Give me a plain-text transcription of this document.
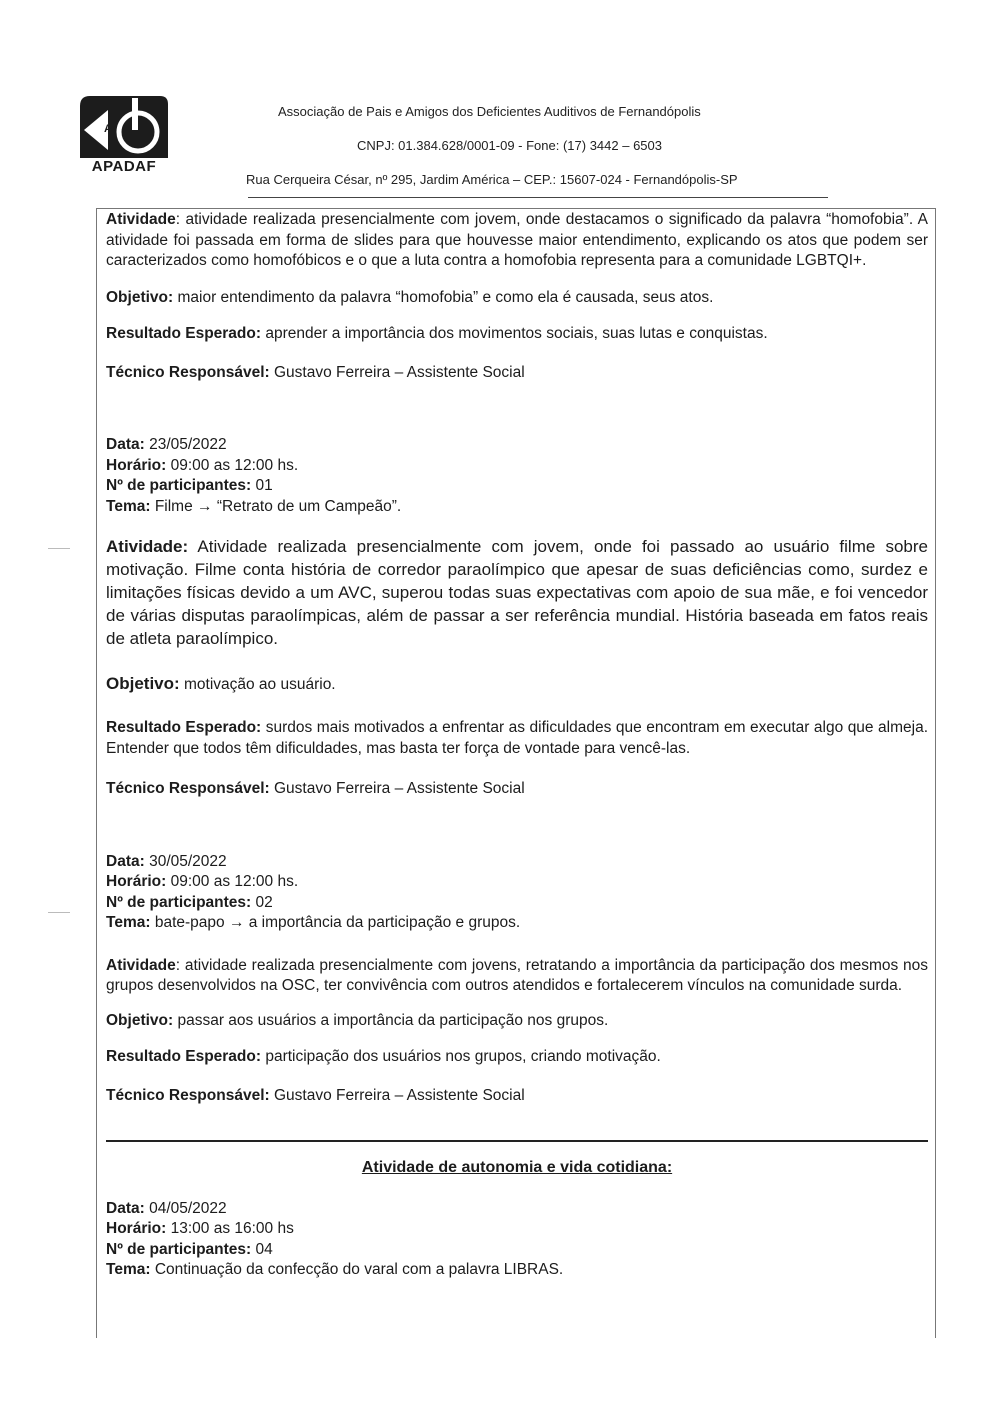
A
APADAF
Associação de Pais e Amigos dos Deficientes Auditivos de Fernandópolis
CNPJ: 01.384.628/0001-09 - Fone: (17) 3442 – 6503
Rua Cerqueira César, nº 295, Jardim América – CEP.: 15607-024 - Fernandópolis-SP

Atividade: atividade realizada presencialmente com jovem, onde destacamos o significado da palavra “homofobia”. A atividade foi passada em forma de slides para que houvesse maior entendimento, explicando os atos que podem ser caracterizados como homofóbicos e o que a luta contra a homofobia representa para a comunidade LGBTQI+.

Objetivo: maior entendimento da palavra “homofobia” e como ela é causada, seus atos.

Resultado Esperado: aprender a importância dos movimentos sociais, suas lutas e conquistas.

Técnico Responsável: Gustavo Ferreira – Assistente Social

Data: 23/05/2022

Horário: 09:00 as 12:00 hs.

Nº de participantes: 01

Tema: Filme → “Retrato de um Campeão”.

Atividade: Atividade realizada presencialmente com jovem, onde foi passado ao usuário filme sobre motivação. Filme conta história de corredor paraolímpico que apesar de suas deficiências como, surdez e limitações físicas devido a um AVC, superou todas suas expectativas com apoio de sua mãe, e foi vencedor de várias disputas paraolímpicas, além de passar a ser referência mundial. História baseada em fatos reais de atleta paraolímpico.

Objetivo: motivação ao usuário.

Resultado Esperado: surdos mais motivados a enfrentar as dificuldades que encontram em executar algo que almeja. Entender que todos têm dificuldades, mas basta ter força de vontade para vencê-las.

Técnico Responsável: Gustavo Ferreira – Assistente Social

Data: 30/05/2022

Horário: 09:00 as 12:00 hs.

Nº de participantes: 02

Tema: bate-papo → a importância da participação e grupos.

Atividade: atividade realizada presencialmente com jovens, retratando a importância da participação dos mesmos nos grupos desenvolvidos na OSC, ter convivência com outros atendidos e fortalecerem vínculos na comunidade surda.

Objetivo: passar aos usuários a importância da participação nos grupos.

Resultado Esperado: participação dos usuários nos grupos, criando motivação.

Técnico Responsável: Gustavo Ferreira – Assistente Social

Atividade de autonomia e vida cotidiana:

Data: 04/05/2022

Horário: 13:00 as 16:00 hs

Nº de participantes: 04

Tema: Continuação da confecção do varal com a palavra LIBRAS.
